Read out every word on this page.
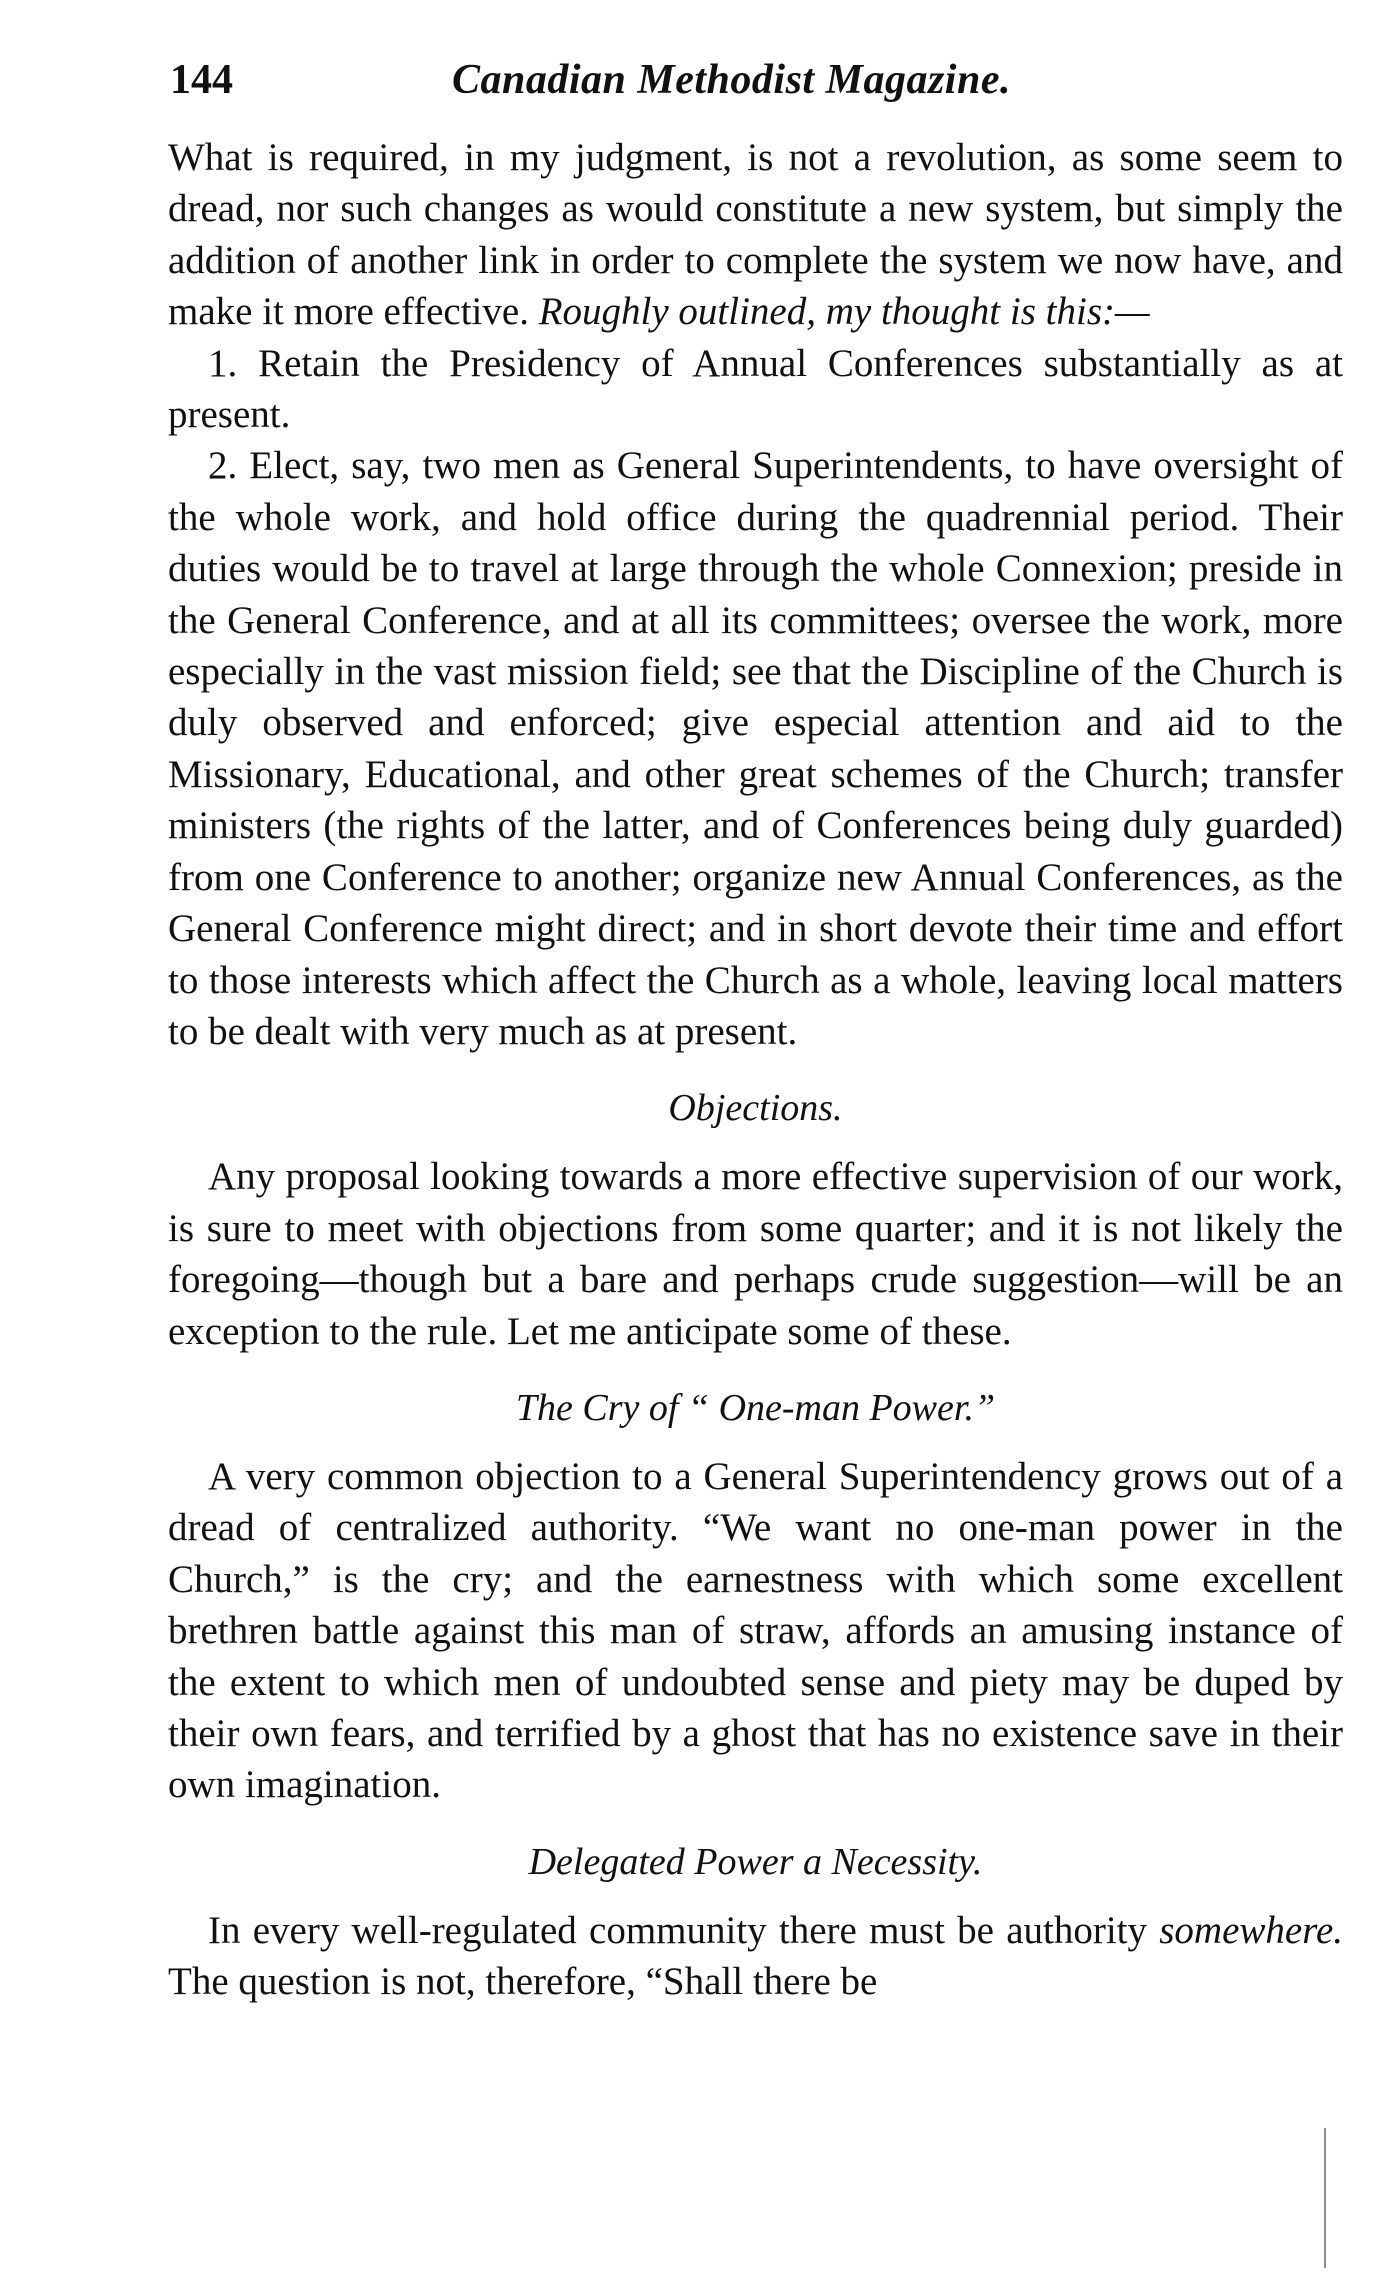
144	Canadian Methodist Magazine.

What is required, in my judgment, is not a revolution, as some seem to dread, nor such changes as would constitute a new system, but simply the addition of another link in order to complete the system we now have, and make it more effective. Roughly outlined, my thought is this:—

1. Retain the Presidency of Annual Conferences substantially as at present.

2. Elect, say, two men as General Superintendents, to have oversight of the whole work, and hold office during the quadrennial period. Their duties would be to travel at large through the whole Connexion; preside in the General Conference, and at all its committees; oversee the work, more especially in the vast mission field; see that the Discipline of the Church is duly observed and enforced; give especial attention and aid to the Missionary, Educational, and other great schemes of the Church; transfer ministers (the rights of the latter, and of Conferences being duly guarded) from one Conference to another; organize new Annual Conferences, as the General Conference might direct; and in short devote their time and effort to those interests which affect the Church as a whole, leaving local matters to be dealt with very much as at present.

Objections.

Any proposal looking towards a more effective supervision of our work, is sure to meet with objections from some quarter; and it is not likely the foregoing—though but a bare and perhaps crude suggestion—will be an exception to the rule. Let me anticipate some of these.

The Cry of “ One-man Power.”

A very common objection to a General Superintendency grows out of a dread of centralized authority. “We want no one-man power in the Church,” is the cry; and the earnestness with which some excellent brethren battle against this man of straw, affords an amusing instance of the extent to which men of undoubted sense and piety may be duped by their own fears, and terrified by a ghost that has no existence save in their own imagination.

Delegated Power a Necessity.

In every well-regulated community there must be authority somewhere. The question is not, therefore, “Shall there be
